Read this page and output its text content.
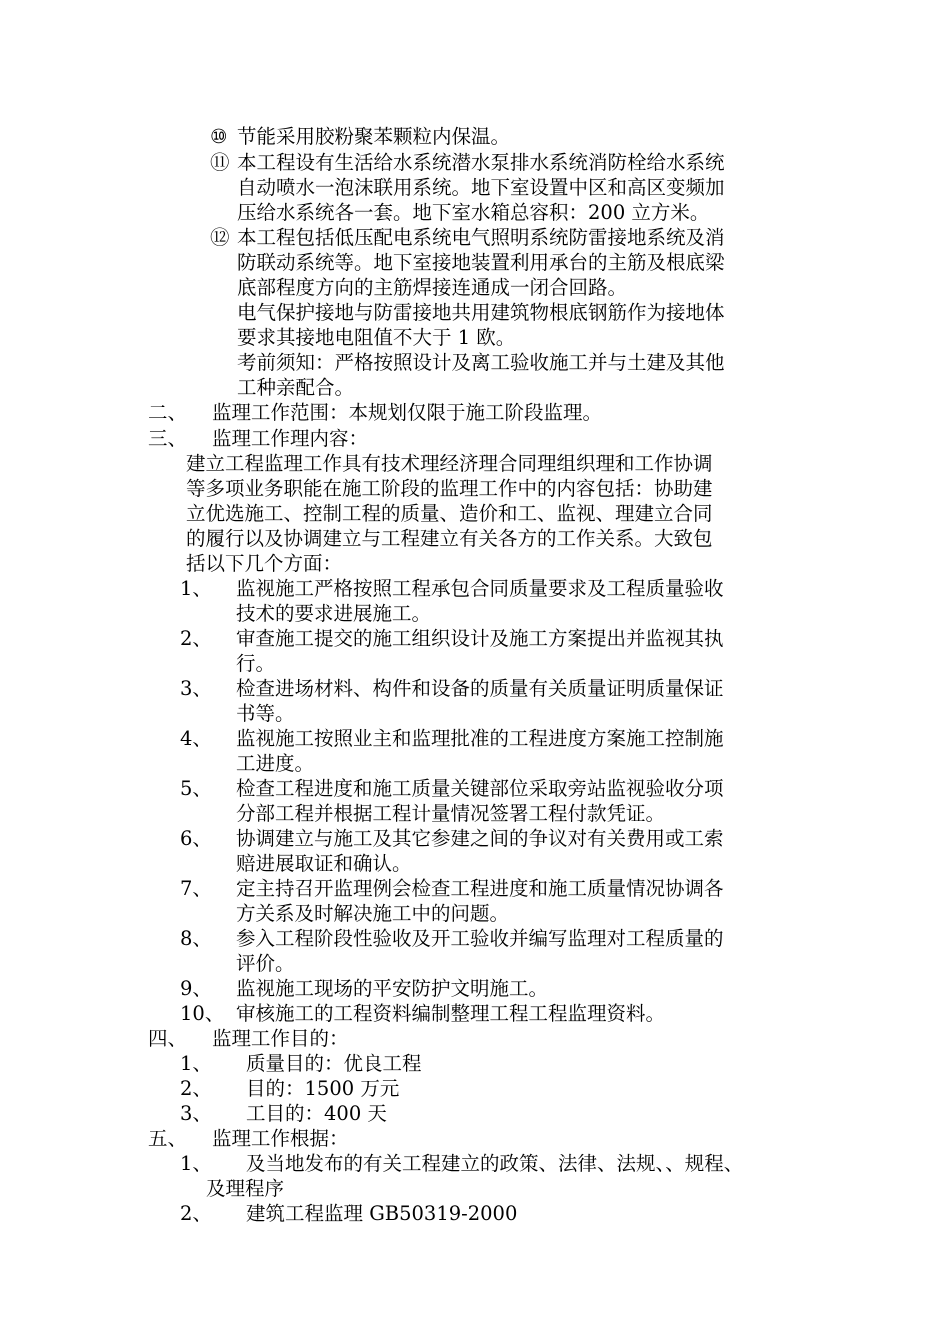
⑩ 节能采用胶粉聚苯颗粒内保温。
⑪ 本工程设有生活给水系统潜水泵排水系统消防栓给水系统
自动喷水一泡沫联用系统。地下室设置中区和高区变频加
压给水系统各一套。地下室水箱总容积：200 立方米。
⑫ 本工程包括低压配电系统电气照明系统防雷接地系统及消
防联动系统等。地下室接地装置利用承台的主筋及根底梁
底部程度方向的主筋焊接连通成一闭合回路。
电气保护接地与防雷接地共用建筑物根底钢筋作为接地体
要求其接地电阻值不大于 1 欧。
考前须知：严格按照设计及离工验收施工并与土建及其他
工种亲配合。
二、 监理工作范围：本规划仅限于施工阶段监理。
三、 监理工作理内容：
建立工程监理工作具有技术理经济理合同理组织理和工作协调
等多项业务职能在施工阶段的监理工作中的内容包括：协助建
立优选施工、控制工程的质量、造价和工、监视、理建立合同
的履行以及协调建立与工程建立有关各方的工作关系。大致包
括以下几个方面：
1、 监视施工严格按照工程承包合同质量要求及工程质量验收
技术的要求进展施工。
2、 审查施工提交的施工组织设计及施工方案提出并监视其执
行。
3、 检查进场材料、构件和设备的质量有关质量证明质量保证
书等。
4、 监视施工按照业主和监理批准的工程进度方案施工控制施
工进度。
5、 检查工程进度和施工质量关键部位采取旁站监视验收分项
分部工程并根据工程计量情况签署工程付款凭证。
6、 协调建立与施工及其它参建之间的争议对有关费用或工索
赔进展取证和确认。
7、 定主持召开监理例会检查工程进度和施工质量情况协调各
方关系及时解决施工中的问题。
8、 参入工程阶段性验收及开工验收并编写监理对工程质量的
评价。
9、 监视施工现场的平安防护文明施工。
10、 审核施工的工程资料编制整理工程工程监理资料。
四、 监理工作目的：
1、 质量目的：优良工程
2、 目的：1500 万元
3、 工目的：400 天
五、 监理工作根据：
1、 及当地发布的有关工程建立的政策、法律、法规、、规程、
及理程序
2、 建筑工程监理 GB50319-2000
